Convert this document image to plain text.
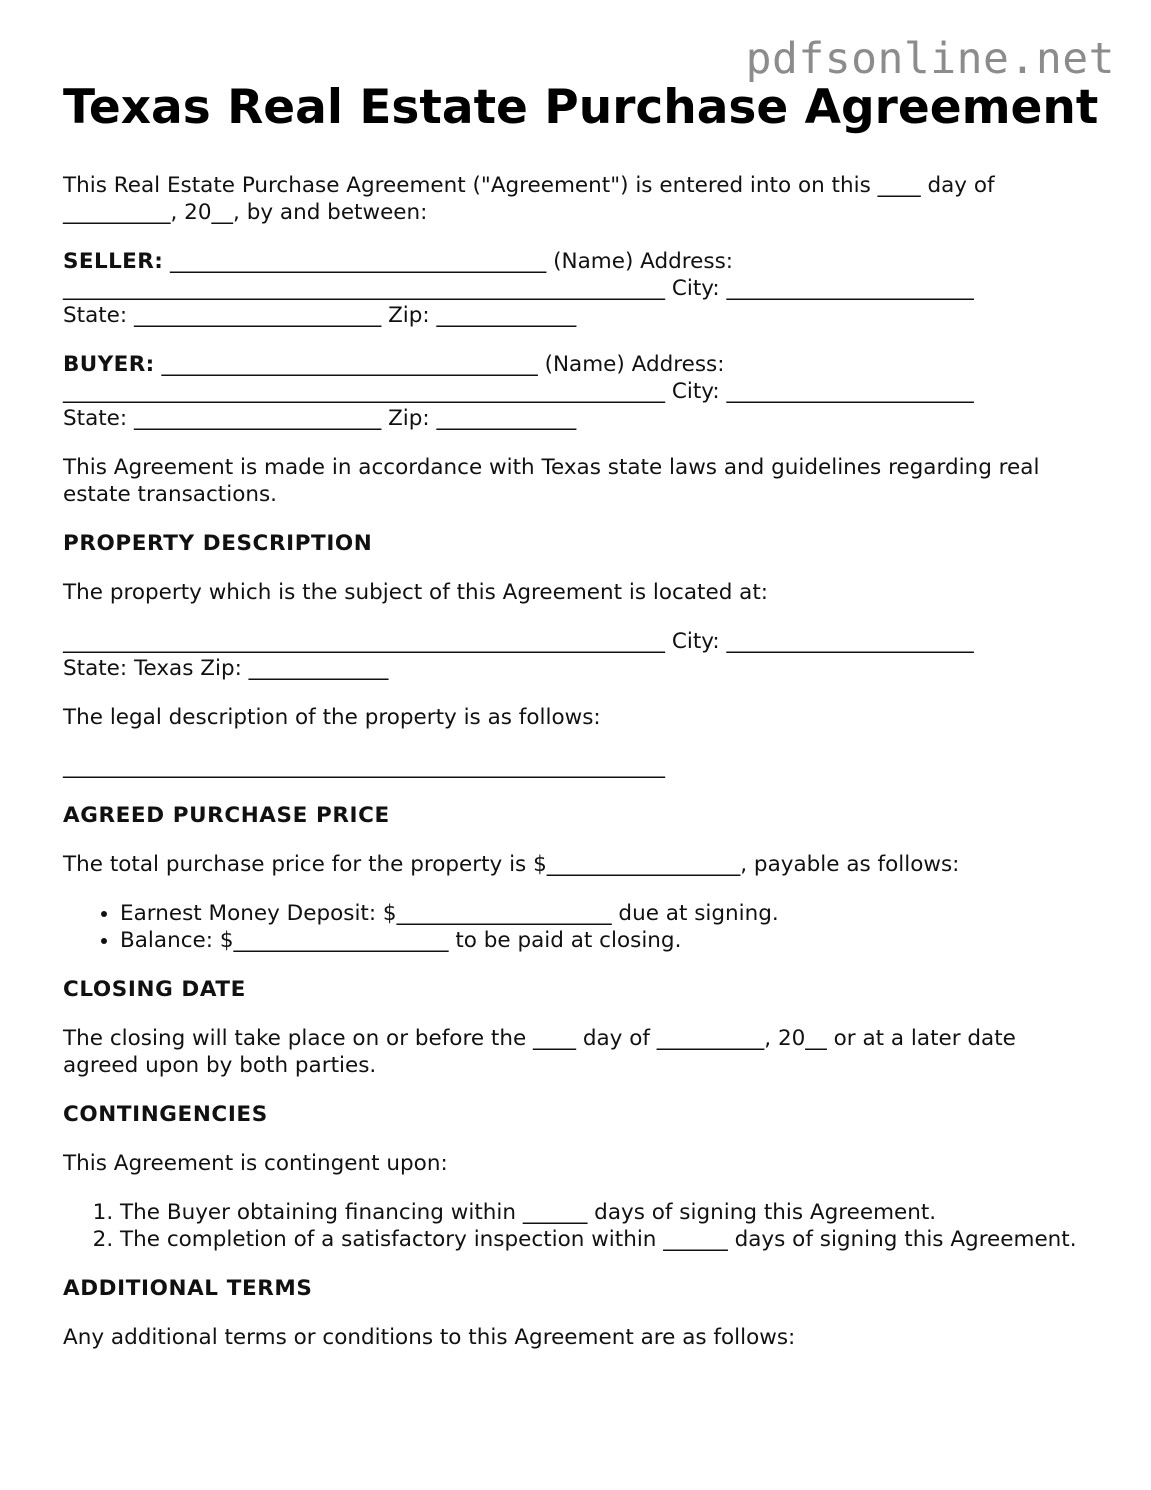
pdfsonline.net
Texas Real Estate Purchase Agreement

This Real Estate Purchase Agreement ("Agreement") is entered into on this ____ day of
__________, 20__, by and between:

SELLER: ___________________________________ (Name) Address:
________________________________________________________ City: _______________________
State: _______________________ Zip: _____________

BUYER: ___________________________________ (Name) Address:
________________________________________________________ City: _______________________
State: _______________________ Zip: _____________

This Agreement is made in accordance with Texas state laws and guidelines regarding real
estate transactions.

PROPERTY DESCRIPTION

The property which is the subject of this Agreement is located at:

________________________________________________________ City: _______________________
State: Texas Zip: _____________

The legal description of the property is as follows:

________________________________________________________

AGREED PURCHASE PRICE

The total purchase price for the property is $__________________, payable as follows:

• Earnest Money Deposit: $____________________ due at signing.
• Balance: $____________________ to be paid at closing.
CLOSING DATE

The closing will take place on or before the ____ day of __________, 20__ or at a later date
agreed upon by both parties.

CONTINGENCIES

This Agreement is contingent upon:

1. The Buyer obtaining financing within ______ days of signing this Agreement.
2. The completion of a satisfactory inspection within ______ days of signing this Agreement.
ADDITIONAL TERMS

Any additional terms or conditions to this Agreement are as follows:
